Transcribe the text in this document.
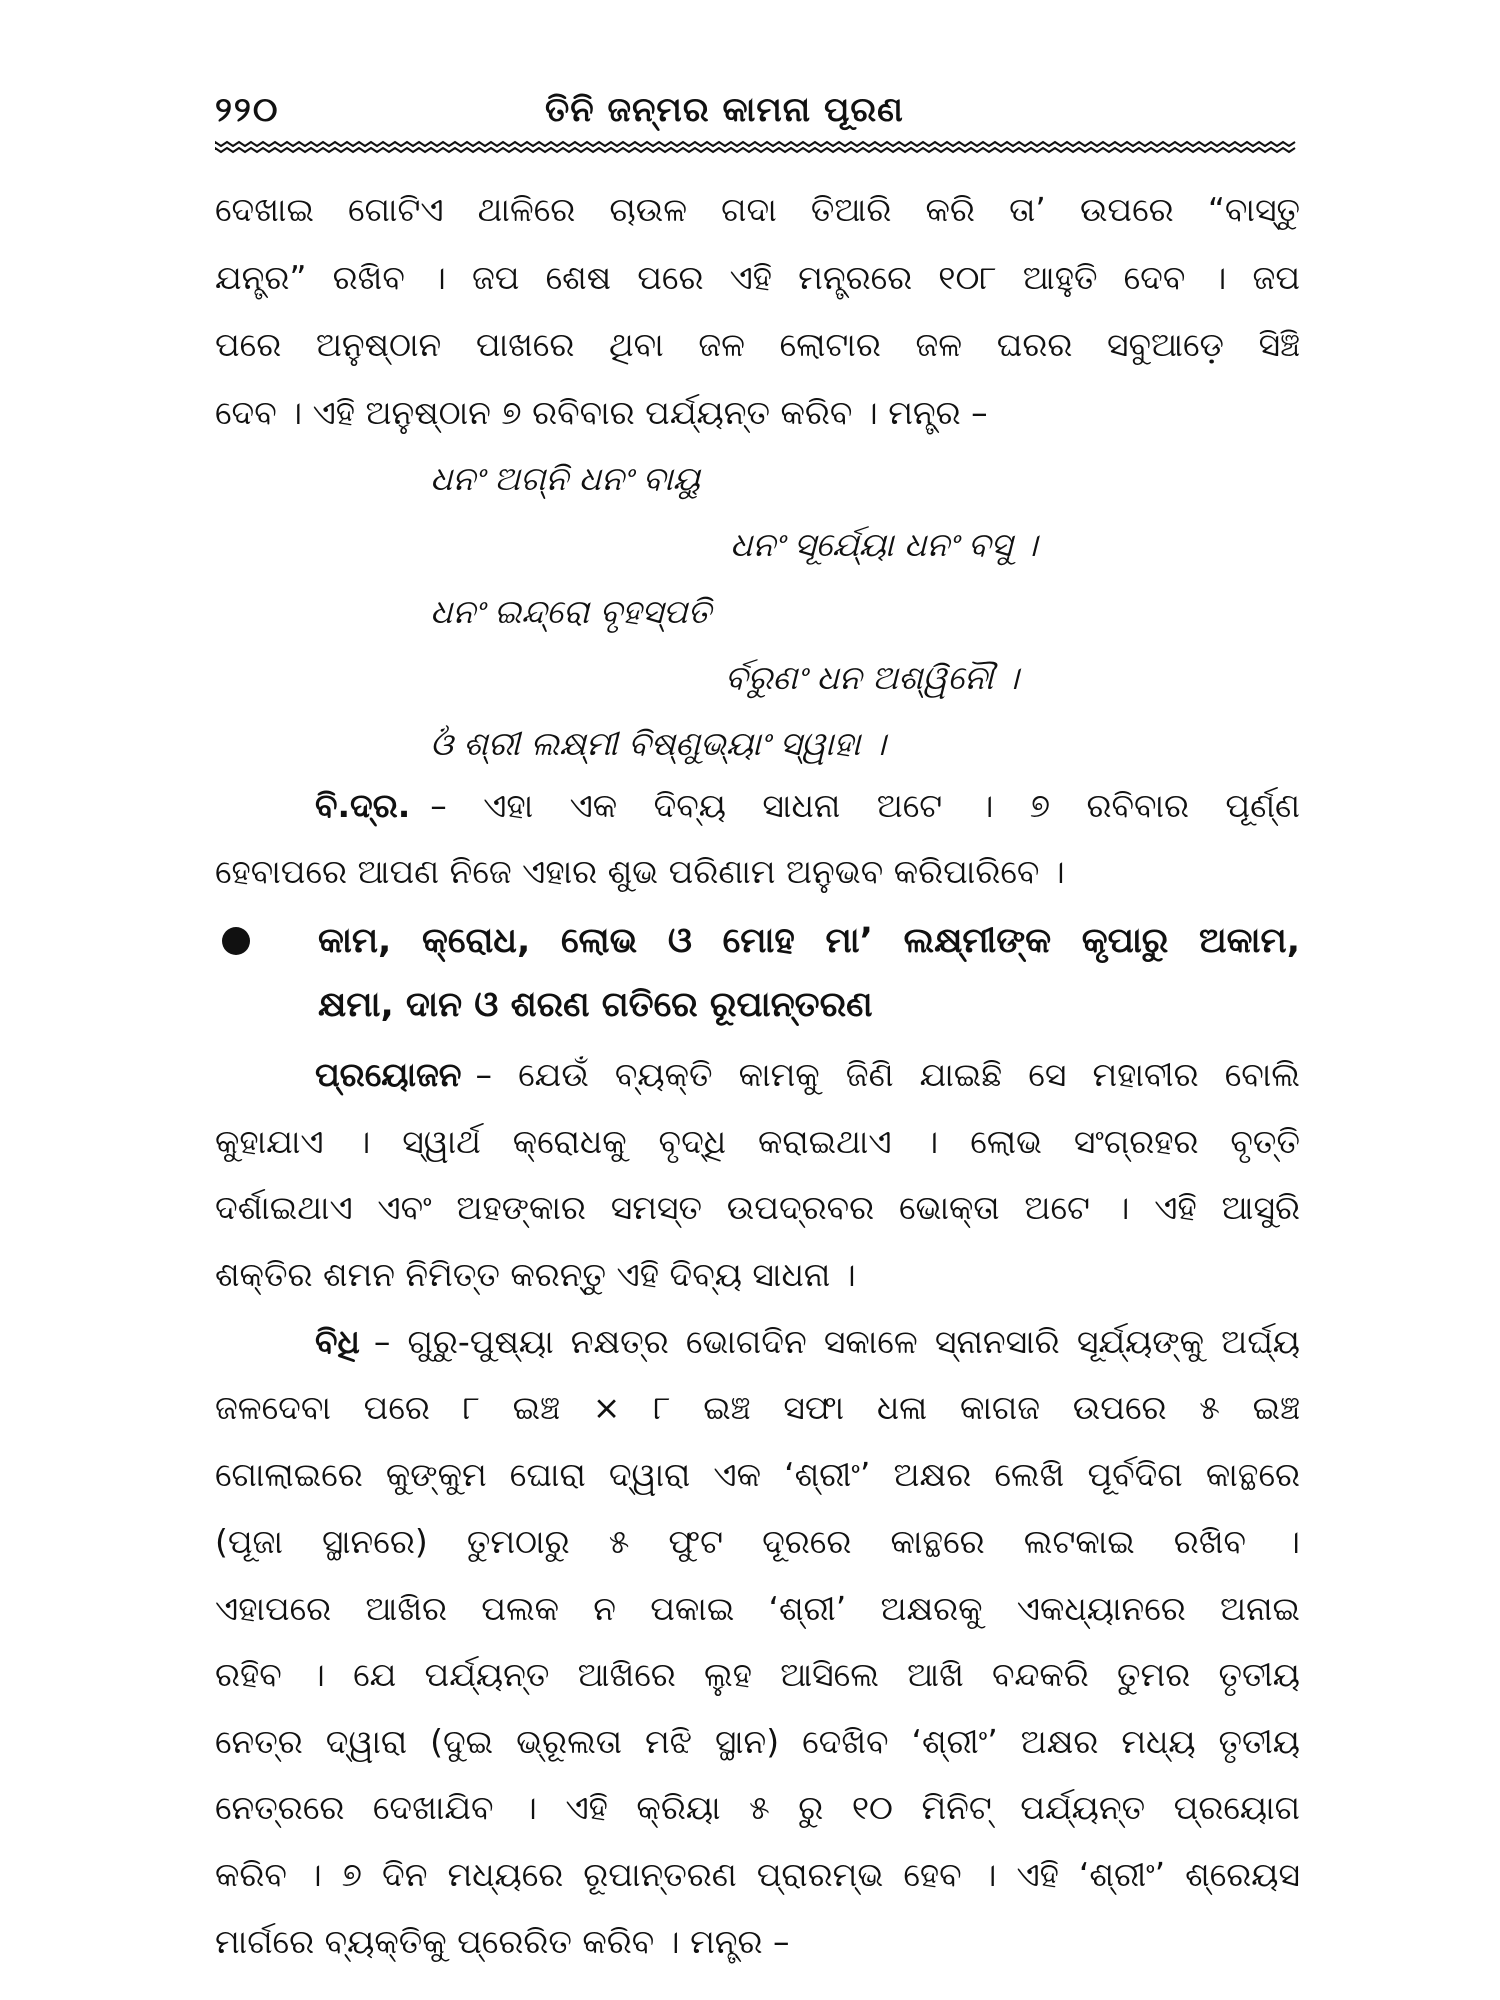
୨୨୦	ତିନି ଜନ୍ମର କାମନା ପୂରଣ
ଦେଖାଇ ଗୋଟିଏ ଥାଳିରେ ଚାଉଳ ଗଦା ତିଆରି କରି ତା’ ଉପରେ “ବାସ୍ତୁ
ଯନ୍ତ୍ର” ରଖିବ । ଜପ ଶେଷ ପରେ ଏହି ମନ୍ତ୍ରରେ ୧୦୮ ଆହୁତି ଦେବ । ଜପ
ପରେ ଅନୁଷ୍ଠାନ ପାଖରେ ଥିବା ଜଳ ଲୋଟାର ଜଳ ଘରର ସବୁଆଡ଼େ ସିଞ୍ଚି
ଦେବ । ଏହି ଅନୁଷ୍ଠାନ ୭ ରବିବାର ପର୍ଯ୍ୟନ୍ତ କରିବ । ମନ୍ତ୍ର –
ଧନଂ ଅଗ୍ନି ଧନଂ ବାୟୁ
ଧନଂ ସୂର୍ଯ୍ୟୋ ଧନଂ ବସୁ ।
ଧନଂ ଇନ୍ଦ୍ରୋ ବୃହସ୍ପତି
ର୍ବରୁଣଂ ଧନ ଅଶ୍ୱିନୌ ।
ଓଁ ଶ୍ରୀ ଲକ୍ଷ୍ମୀ ବିଷ୍ଣୁଭ୍ୟାଂ ସ୍ୱାହା ।
ବି.ଦ୍ର. – ଏହା ଏକ ଦିବ୍ୟ ସାଧନା ଅଟେ । ୭ ରବିବାର ପୂର୍ଣ୍ଣ
ହେବାପରେ ଆପଣ ନିଜେ ଏହାର ଶୁଭ ପରିଣାମ ଅନୁଭବ କରିପାରିବେ ।
କାମ, କ୍ରୋଧ, ଲୋଭ ଓ ମୋହ ମା’ ଲକ୍ଷ୍ମୀଙ୍କ କୃପାରୁ ଅକାମ,
କ୍ଷମା, ଦାନ ଓ ଶରଣ ଗତିରେ ରୂପାନ୍ତରଣ
ପ୍ରୟୋଜନ – ଯେଉଁ ବ୍ୟକ୍ତି କାମକୁ ଜିଣି ଯାଇଛି ସେ ମହାବୀର ବୋଲି
କୁହାଯାଏ । ସ୍ୱାର୍ଥ କ୍ରୋଧକୁ ବୃଦ୍ଧି କରାଇଥାଏ । ଲୋଭ ସଂଗ୍ରହର ବୃତ୍ତି
ଦର୍ଶାଇଥାଏ ଏବଂ ଅହଙ୍କାର ସମସ୍ତ ଉପଦ୍ରବର ଭୋକ୍ତା ଅଟେ । ଏହି ଆସୁରି
ଶକ୍ତିର ଶମନ ନିମିତ୍ତ କରନ୍ତୁ ଏହି ଦିବ୍ୟ ସାଧନା ।
ବିଧି – ଗୁରୁ-ପୁଷ୍ୟା ନକ୍ଷତ୍ର ଭୋଗଦିନ ସକାଳେ ସ୍ନାନସାରି ସୂର୍ଯ୍ୟଙ୍କୁ ଅର୍ଘ୍ୟ
ଜଳଦେବା ପରେ ୮ ଇଞ୍ଚ × ୮ ଇଞ୍ଚ ସଫା ଧଳା କାଗଜ ଉପରେ ୫ ଇଞ୍ଚ
ଗୋଲାଇରେ କୁଙ୍କୁମ ଘୋରା ଦ୍ୱାରା ଏକ ‘ଶ୍ରୀଂ’ ଅକ୍ଷର ଲେଖି ପୂର୍ବଦିଗ କାନ୍ଥରେ
(ପୂଜା ସ୍ଥାନରେ) ତୁମଠାରୁ ୫ ଫୁଟ ଦୂରରେ କାନ୍ଥରେ ଲଟକାଇ ରଖିବ ।
ଏହାପରେ ଆଖିର ପଲକ ନ ପକାଇ ‘ଶ୍ରୀ’ ଅକ୍ଷରକୁ ଏକଧ୍ୟାନରେ ଅନାଇ
ରହିବ । ଯେ ପର୍ଯ୍ୟନ୍ତ ଆଖିରେ ଲୁହ ଆସିଲେ ଆଖି ବନ୍ଦକରି ତୁମର ତୃତୀୟ
ନେତ୍ର ଦ୍ୱାରା (ଦୁଇ ଭ୍ରୂଲତା ମଝି ସ୍ଥାନ) ଦେଖିବ ‘ଶ୍ରୀଂ’ ଅକ୍ଷର ମଧ୍ୟ ତୃତୀୟ
ନେତ୍ରରେ ଦେଖାଯିବ । ଏହି କ୍ରିୟା ୫ ରୁ ୧୦ ମିନିଟ୍ ପର୍ଯ୍ୟନ୍ତ ପ୍ରୟୋଗ
କରିବ । ୭ ଦିନ ମଧ୍ୟରେ ରୂପାନ୍ତରଣ ପ୍ରାରମ୍ଭ ହେବ । ଏହି ‘ଶ୍ରୀଂ’ ଶ୍ରେୟସ
ମାର୍ଗରେ ବ୍ୟକ୍ତିକୁ ପ୍ରେରିତ କରିବ । ମନ୍ତ୍ର –
